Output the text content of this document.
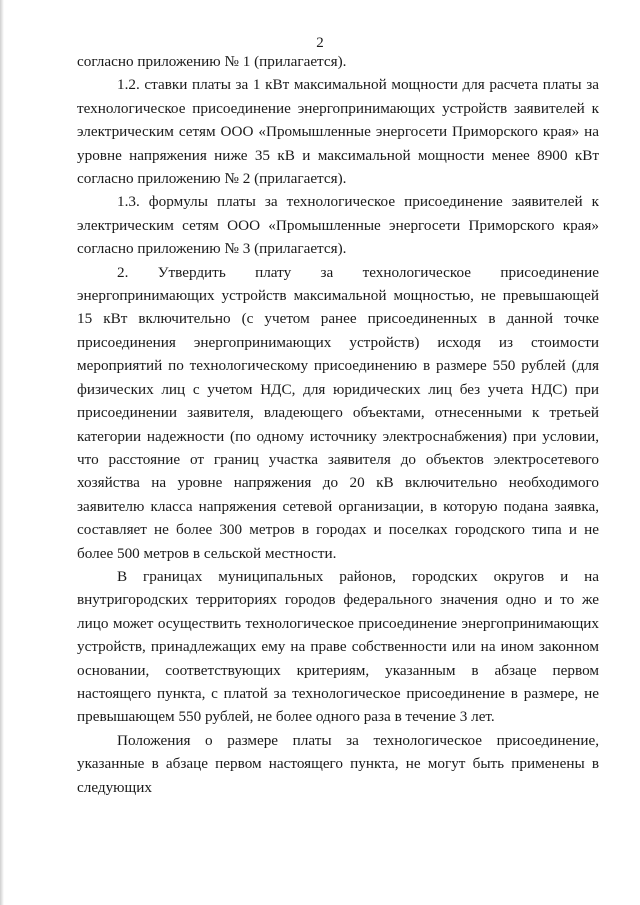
2

согласно приложению № 1 (прилагается).

1.2. ставки платы за 1 кВт максимальной мощности для расчета платы за технологическое присоединение энергопринимающих устройств заявителей к электрическим сетям ООО «Промышленные энергосети Приморского края» на уровне напряжения ниже 35 кВ и максимальной мощности менее 8900 кВт согласно приложению № 2 (прилагается).

1.3. формулы платы за технологическое присоединение заявителей к электрическим сетям ООО «Промышленные энергосети Приморского края» согласно приложению № 3 (прилагается).

2. Утвердить плату за технологическое присоединение энергопринимающих устройств максимальной мощностью, не превышающей 15 кВт включительно (с учетом ранее присоединенных в данной точке присоединения энергопринимающих устройств) исходя из стоимости мероприятий по технологическому присоединению в размере 550 рублей (для физических лиц с учетом НДС, для юридических лиц без учета НДС) при присоединении заявителя, владеющего объектами, отнесенными к третьей категории надежности (по одному источнику электроснабжения) при условии, что расстояние от границ участка заявителя до объектов электросетевого хозяйства на уровне напряжения до 20 кВ включительно необходимого заявителю класса напряжения сетевой организации, в которую подана заявка, составляет не более 300 метров в городах и поселках городского типа и не более 500 метров в сельской местности.

В границах муниципальных районов, городских округов и на внутригородских территориях городов федерального значения одно и то же лицо может осуществить технологическое присоединение энергопринимающих устройств, принадлежащих ему на праве собственности или на ином законном основании, соответствующих критериям, указанным в абзаце первом настоящего пункта, с платой за технологическое присоединение в размере, не превышающем 550 рублей, не более одного раза в течение 3 лет.

Положения о размере платы за технологическое присоединение, указанные в абзаце первом настоящего пункта, не могут быть применены в следующих
